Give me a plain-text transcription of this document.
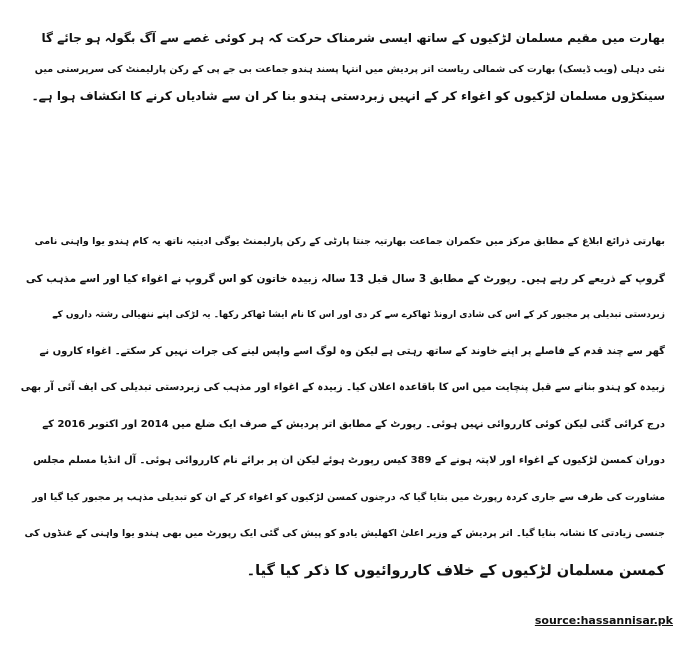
بھارت میں مقیم مسلمان لڑکیوں کے ساتھ ایسی شرمناک حرکت کہ ہر کوئی غصے سے آگ بگولہ ہو جائے گا
نئی دہلی (ویب ڈیسک) بھارت کی شمالی ریاست اتر پردیش میں انتہا پسند ہندو جماعت بی جے پی کے رکن پارلیمنٹ کی سرپرستی میں
سینکڑوں مسلمان لڑکیوں کو اغواء کر کے انہیں زبردستی ہندو بنا کر ان سے شادیاں کرنے کا انکشاف ہوا ہے۔
بھارتی ذرائع ابلاغ کے مطابق مرکز میں حکمران جماعت بھارتیہ جنتا پارٹی کے رکن پارلیمنٹ یوگی ادیتیہ ناتھ یہ کام ہندو یوا واہنی نامی
گروپ کے ذریعے کر رہے ہیں۔ رپورٹ کے مطابق 3 سال قبل 13 سالہ زبیدہ خاتون کو اس گروپ نے اغواء کیا اور اسے مذہب کی
زبردستی تبدیلی پر مجبور کر کے اس کی شادی ارونڈ ٹھاکرے سے کر دی اور اس کا نام ایشا ٹھاکر رکھا۔ یہ لڑکی اپنے ننھیالی رشتہ داروں کے
گھر سے چند قدم کے فاصلے پر اپنے خاوند کے ساتھ رہتی ہے لیکن وہ لوگ اسے واپس لینے کی جرات نہیں کر سکتے۔ اغواء کاروں نے
زبیدہ کو ہندو بنانے سے قبل پنچایت میں اس کا باقاعدہ اعلان کیا۔ زبیدہ کے اغواء اور مذہب کی زبردستی تبدیلی کی ایف آئی آر بھی
درج کرائی گئی لیکن کوئی کارروائی نہیں ہوئی۔ رپورٹ کے مطابق اتر پردیش کے صرف ایک ضلع میں 2014 اور اکتوبر 2016 کے
دوران کمسن لڑکیوں کے اغواء اور لاپتہ ہونے کے 389 کیس رپورٹ ہوئے لیکن ان پر برائے نام کارروائی ہوئی۔ آل انڈیا مسلم مجلس
مشاورت کی طرف سے جاری کردہ رپورٹ میں بتایا گیا کہ درجنوں کمسن لڑکیوں کو اغواء کر کے ان کو تبدیلی مذہب پر مجبور کیا گیا اور
جنسی زیادتی کا نشانہ بنایا گیا۔ اتر پردیش کے وزیر اعلیٰ اکھلیش یادو کو پیش کی گئی ایک رپورٹ میں بھی ہندو یوا واہنی کے غنڈوں کی
کمسن مسلمان لڑکیوں کے خلاف کارروائیوں کا ذکر کیا گیا۔
source:hassannisar.pk
